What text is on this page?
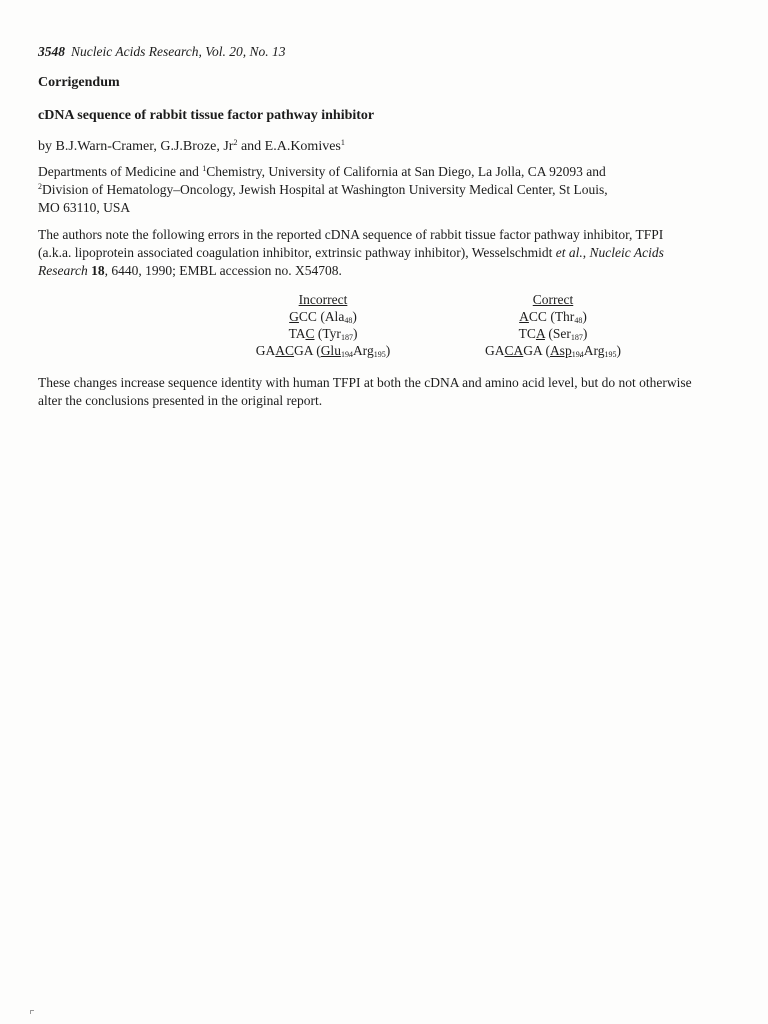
3548 Nucleic Acids Research, Vol. 20, No. 13
Corrigendum
cDNA sequence of rabbit tissue factor pathway inhibitor
by B.J.Warn-Cramer, G.J.Broze, Jr$^2$ and E.A.Komives$^1$
Departments of Medicine and $^1$Chemistry, University of California at San Diego, La Jolla, CA 92093 and
$^2$Division of Hematology–Oncology, Jewish Hospital at Washington University Medical Center, St Louis,
MO 63110, USA
The authors note the following errors in the reported cDNA sequence of rabbit tissue factor pathway inhibitor, TFPI
(a.k.a. lipoprotein associated coagulation inhibitor, extrinsic pathway inhibitor), Wesselschmidt et al., Nucleic Acids
Research 18, 6440, 1990; EMBL accession no. X54708.
Incorrect
GCC (Ala$_{48}$)
TAC (Tyr$_{187}$)
GAACGA (Glu$_{194}$Arg$_{195}$)
Correct
ACC (Thr$_{48}$)
TCA (Ser$_{187}$)
GACAGA (Asp$_{194}$Arg$_{195}$)
These changes increase sequence identity with human TFPI at both the cDNA and amino acid level, but do not otherwise
alter the conclusions presented in the original report.
